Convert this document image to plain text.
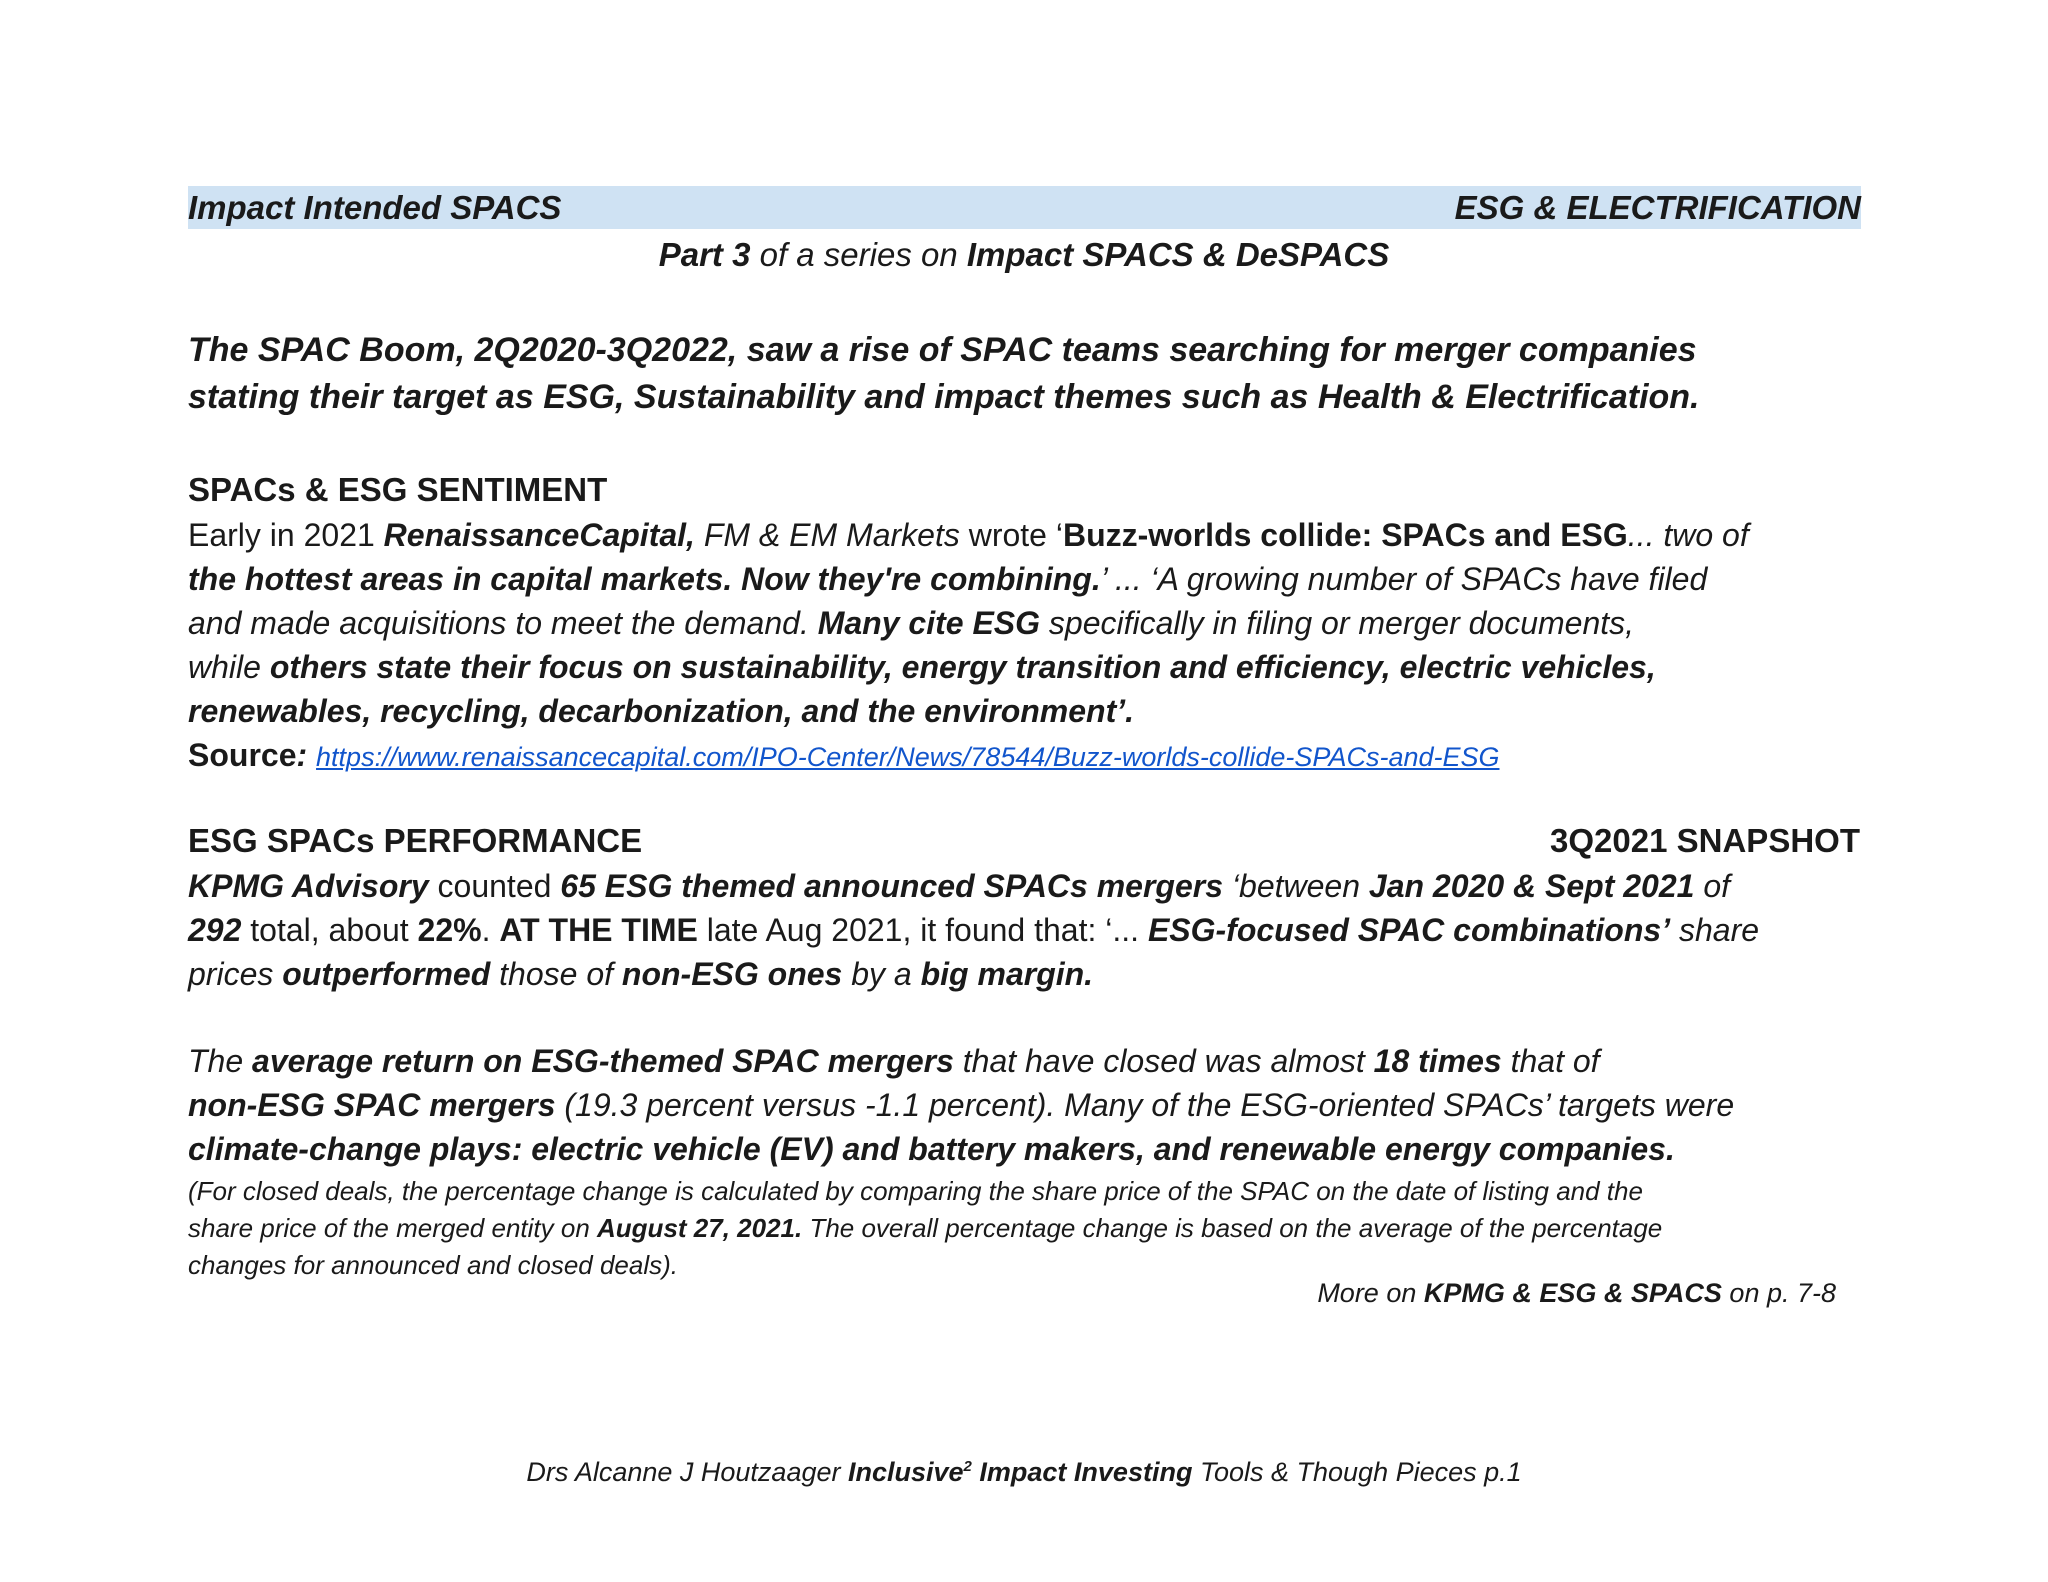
Impact Intended SPACS	ESG & ELECTRIFICATION
Part 3 of a series on Impact SPACS & DeSPACS
The SPAC Boom, 2Q2020-3Q2022, saw a rise of SPAC teams searching for merger companies
stating their target as ESG, Sustainability and impact themes such as Health & Electrification.
SPACs & ESG SENTIMENT
Early in 2021 RenaissanceCapital, FM & EM Markets wrote ‘Buzz-worlds collide: SPACs and ESG... two of
the hottest areas in capital markets. Now they're combining.’ ... ‘A growing number of SPACs have filed
and made acquisitions to meet the demand. Many cite ESG specifically in filing or merger documents,
while others state their focus on sustainability, energy transition and efficiency, electric vehicles,
renewables, recycling, decarbonization, and the environment’.
Source: https://www.renaissancecapital.com/IPO-Center/News/78544/Buzz-worlds-collide-SPACs-and-ESG
ESG SPACs PERFORMANCE	3Q2021 SNAPSHOT
KPMG Advisory counted 65 ESG themed announced SPACs mergers ‘between Jan 2020 & Sept 2021 of
292 total, about 22%. AT THE TIME late Aug 2021, it found that: ‘... ESG-focused SPAC combinations’ share
prices outperformed those of non-ESG ones by a big margin.
The average return on ESG-themed SPAC mergers that have closed was almost 18 times that of
non-ESG SPAC mergers (19.3 percent versus -1.1 percent). Many of the ESG-oriented SPACs’ targets were
climate-change plays: electric vehicle (EV) and battery makers, and renewable energy companies.
(For closed deals, the percentage change is calculated by comparing the share price of the SPAC on the date of listing and the
share price of the merged entity on August 27, 2021. The overall percentage change is based on the average of the percentage
changes for announced and closed deals).
More on KPMG & ESG & SPACS on p. 7-8
Drs Alcanne J Houtzaager Inclusive$^2$ Impact Investing Tools & Though Pieces p.1
